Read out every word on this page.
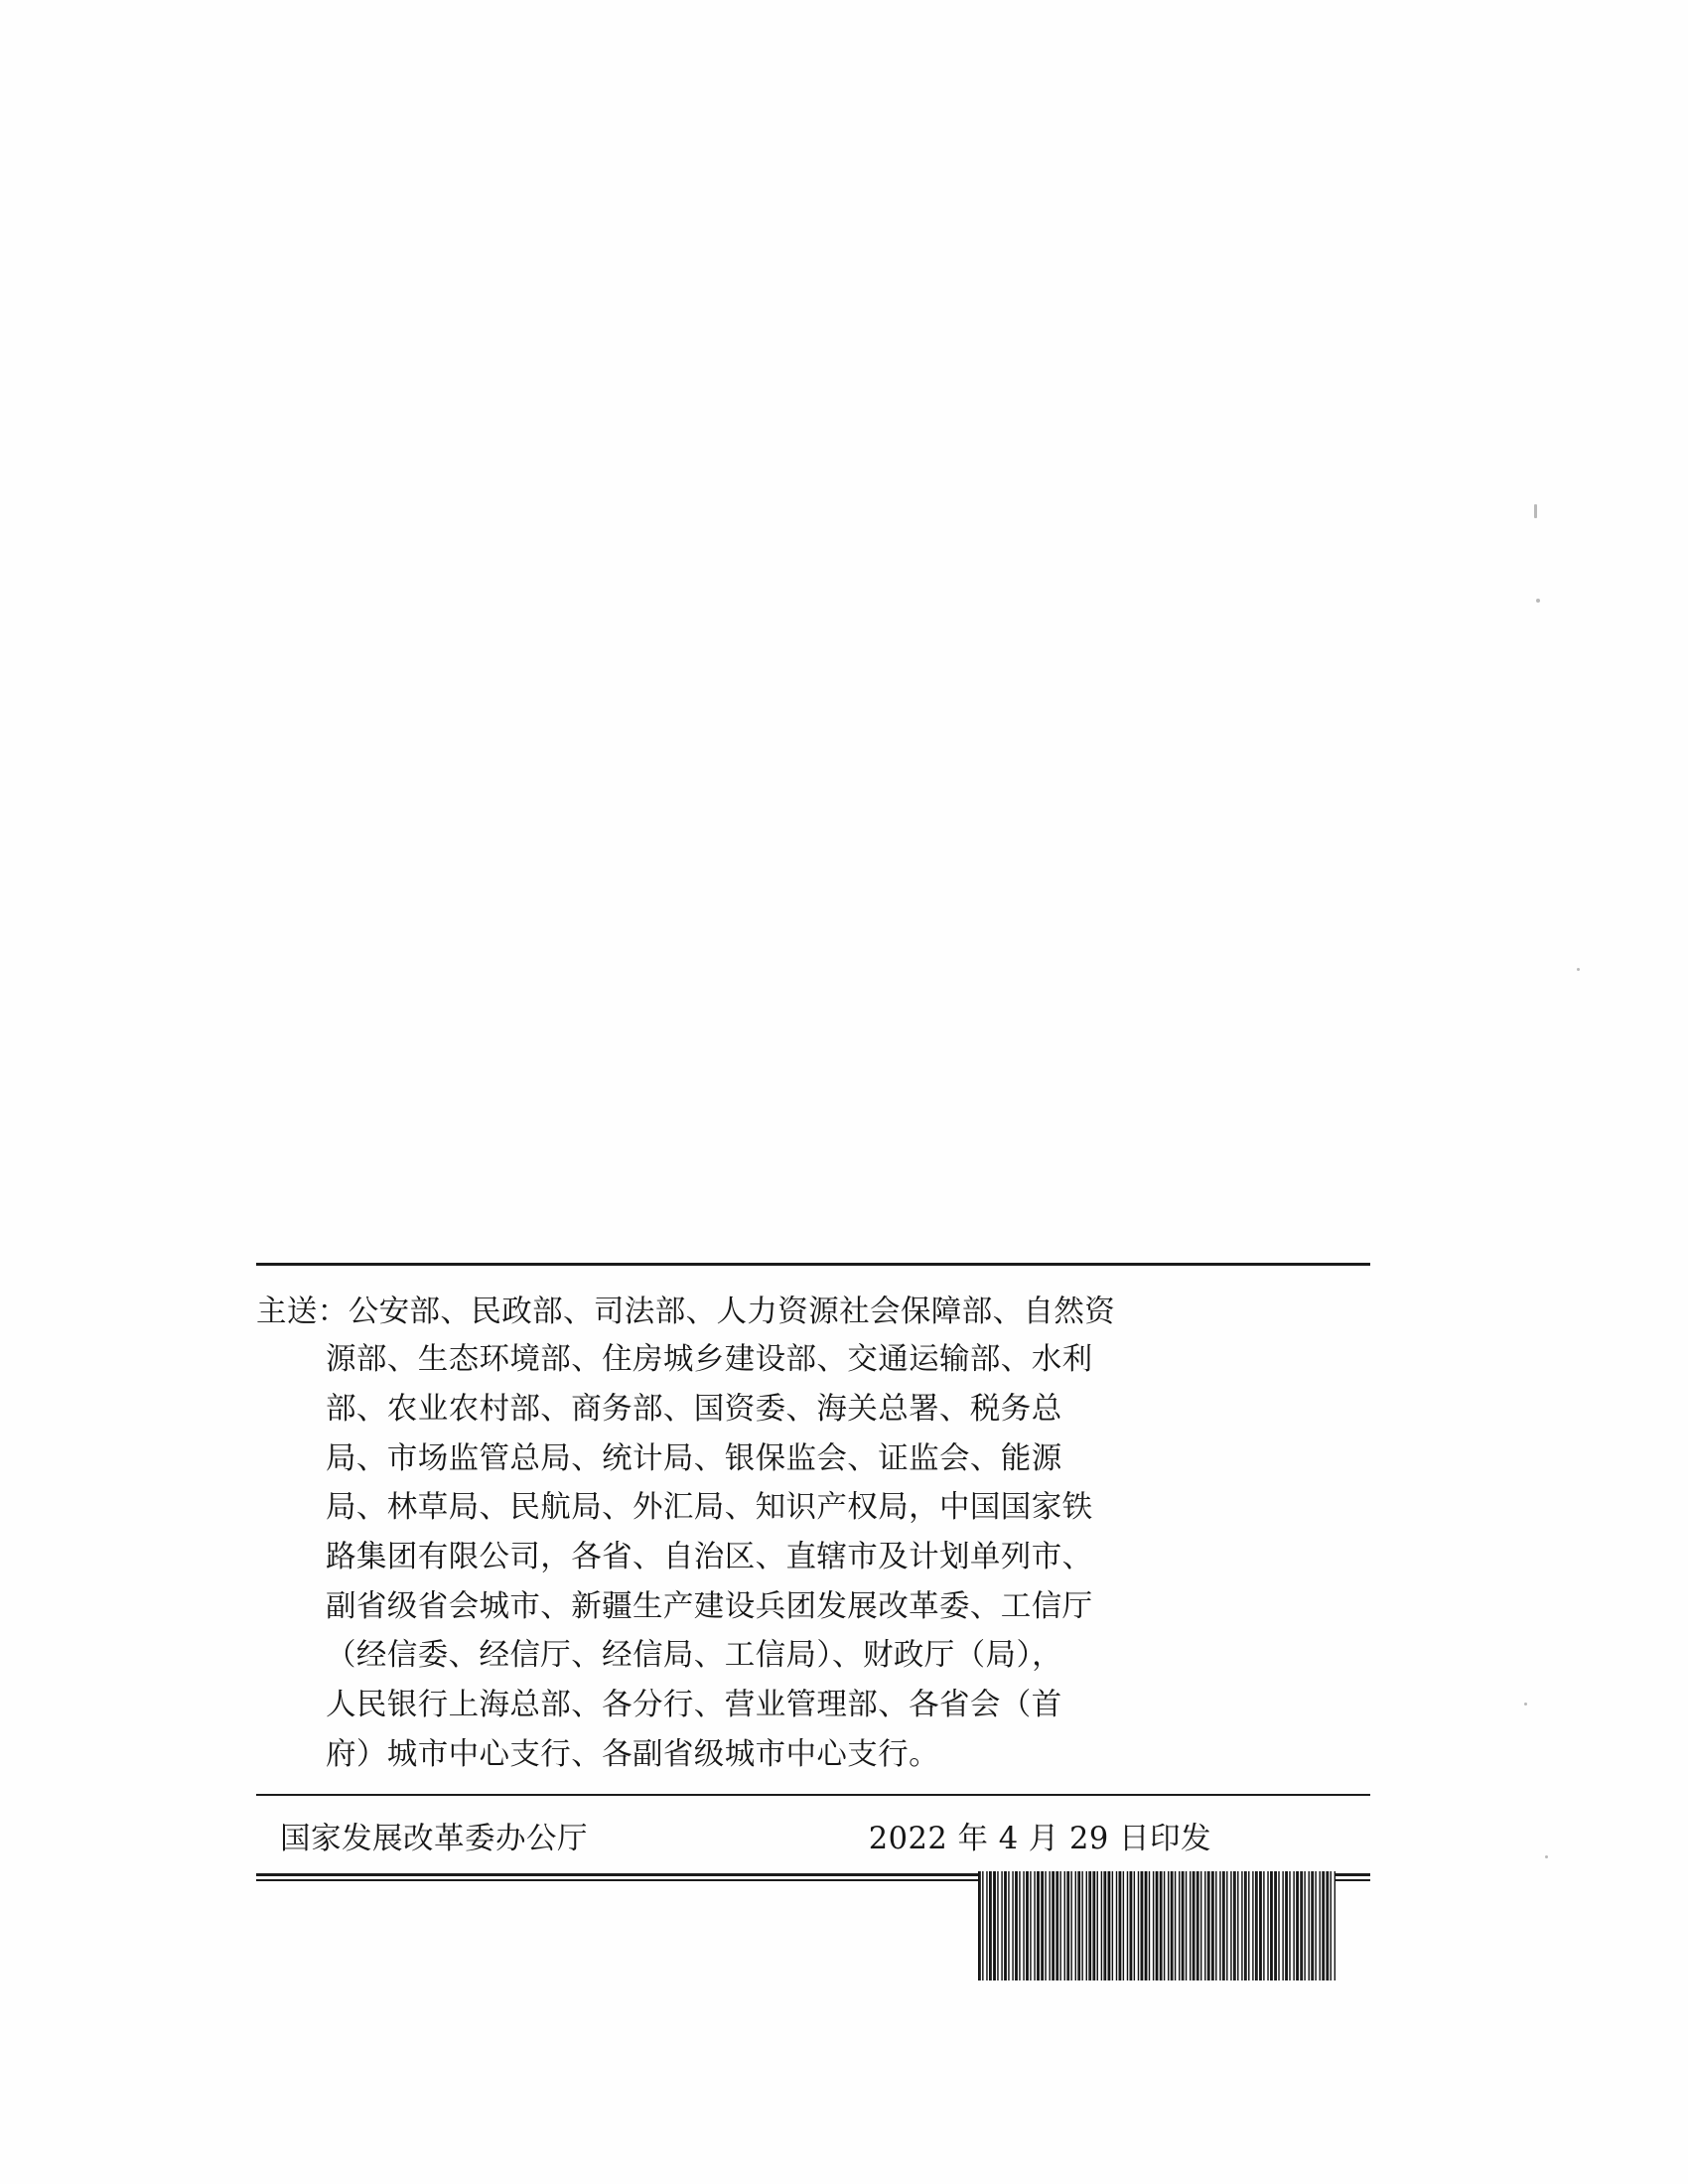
主送：公安部、民政部、司法部、人力资源社会保障部、自然资
源部、生态环境部、住房城乡建设部、交通运输部、水利
部、农业农村部、商务部、国资委、海关总署、税务总
局、市场监管总局、统计局、银保监会、证监会、能源
局、林草局、民航局、外汇局、知识产权局，中国国家铁
路集团有限公司，各省、自治区、直辖市及计划单列市、
副省级省会城市、新疆生产建设兵团发展改革委、工信厅
（经信委、经信厅、经信局、工信局）、财政厅（局），
人民银行上海总部、各分行、营业管理部、各省会（首
府）城市中心支行、各副省级城市中心支行。
国家发展改革委办公厅	2022 年 4 月 29 日印发
